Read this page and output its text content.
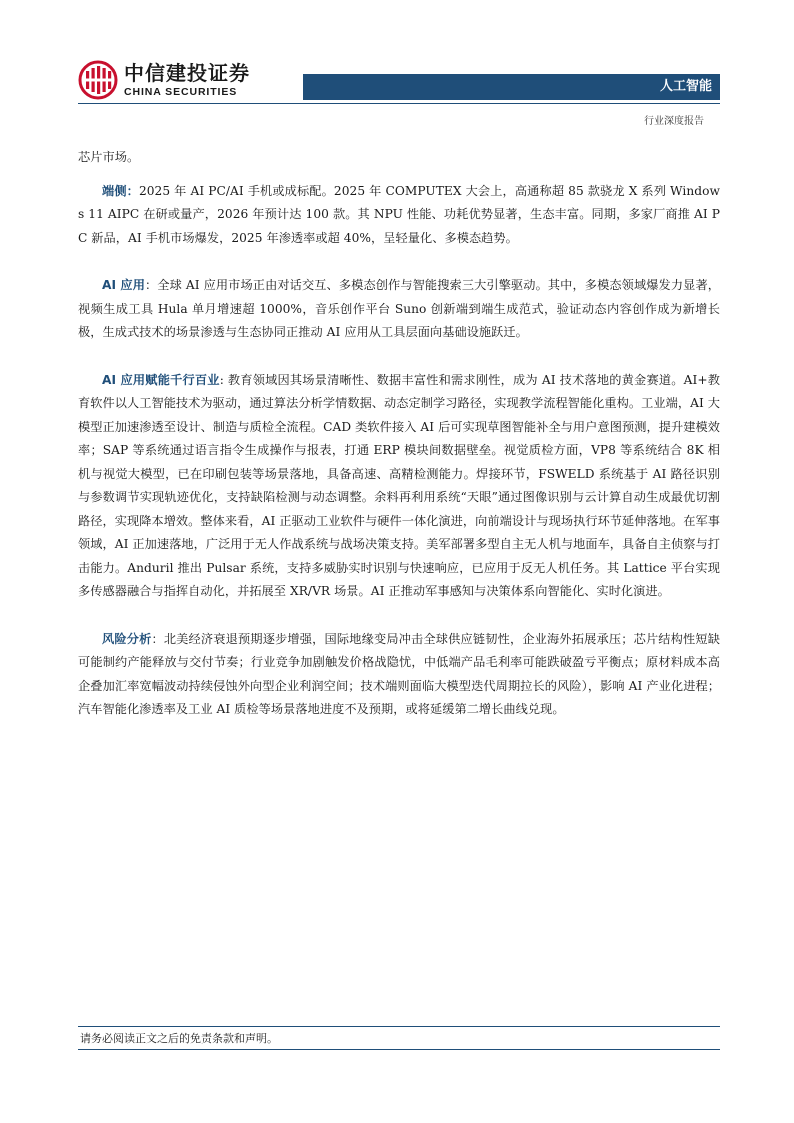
中信建投证券
CHINA SECURITIES	人工智能
行业深度报告

芯片市场。

端侧：2025 年 AI PC/AI 手机或成标配。2025 年 COMPUTEX 大会上，高通称超 85 款骁龙 X 系列 Windows 11 AIPC 在研或量产，2026 年预计达 100 款。其 NPU 性能、功耗优势显著，生态丰富。同期，多家厂商推 AI PC 新品，AI 手机市场爆发，2025 年渗透率或超 40%，呈轻量化、多模态趋势。

AI 应用：全球 AI 应用市场正由对话交互、多模态创作与智能搜索三大引擎驱动。其中，多模态领域爆发力显著，视频生成工具 Hula 单月增速超 1000%，音乐创作平台 Suno 创新端到端生成范式，验证动态内容创作成为新增长极，生成式技术的场景渗透与生态协同正推动 AI 应用从工具层面向基础设施跃迁。

AI 应用赋能千行百业: 教育领域因其场景清晰性、数据丰富性和需求刚性，成为 AI 技术落地的黄金赛道。AI+教育软件以人工智能技术为驱动，通过算法分析学情数据、动态定制学习路径，实现教学流程智能化重构。工业端，AI 大模型正加速渗透至设计、制造与质检全流程。CAD 类软件接入 AI 后可实现草图智能补全与用户意图预测，提升建模效率；SAP 等系统通过语言指令生成操作与报表，打通 ERP 模块间数据壁垒。视觉质检方面，VP8 等系统结合 8K 相机与视觉大模型，已在印刷包装等场景落地，具备高速、高精检测能力。焊接环节，FSWELD 系统基于 AI 路径识别与参数调节实现轨迹优化，支持缺陷检测与动态调整。余料再利用系统“天眼”通过图像识别与云计算自动生成最优切割路径，实现降本增效。整体来看，AI 正驱动工业软件与硬件一体化演进，向前端设计与现场执行环节延伸落地。在军事领域，AI 正加速落地，广泛用于无人作战系统与战场决策支持。美军部署多型自主无人机与地面车，具备自主侦察与打击能力。Anduril 推出 Pulsar 系统，支持多威胁实时识别与快速响应，已应用于反无人机任务。其 Lattice 平台实现多传感器融合与指挥自动化，并拓展至 XR/VR 场景。AI 正推动军事感知与决策体系向智能化、实时化演进。

风险分析：北美经济衰退预期逐步增强，国际地缘变局冲击全球供应链韧性，企业海外拓展承压；芯片结构性短缺可能制约产能释放与交付节奏；行业竞争加剧触发价格战隐忧，中低端产品毛利率可能跌破盈亏平衡点；原材料成本高企叠加汇率宽幅波动持续侵蚀外向型企业利润空间；技术端则面临大模型迭代周期拉长的风险），影响 AI 产业化进程；汽车智能化渗透率及工业 AI 质检等场景落地进度不及预期，或将延缓第二增长曲线兑现。

请务必阅读正文之后的免责条款和声明。
